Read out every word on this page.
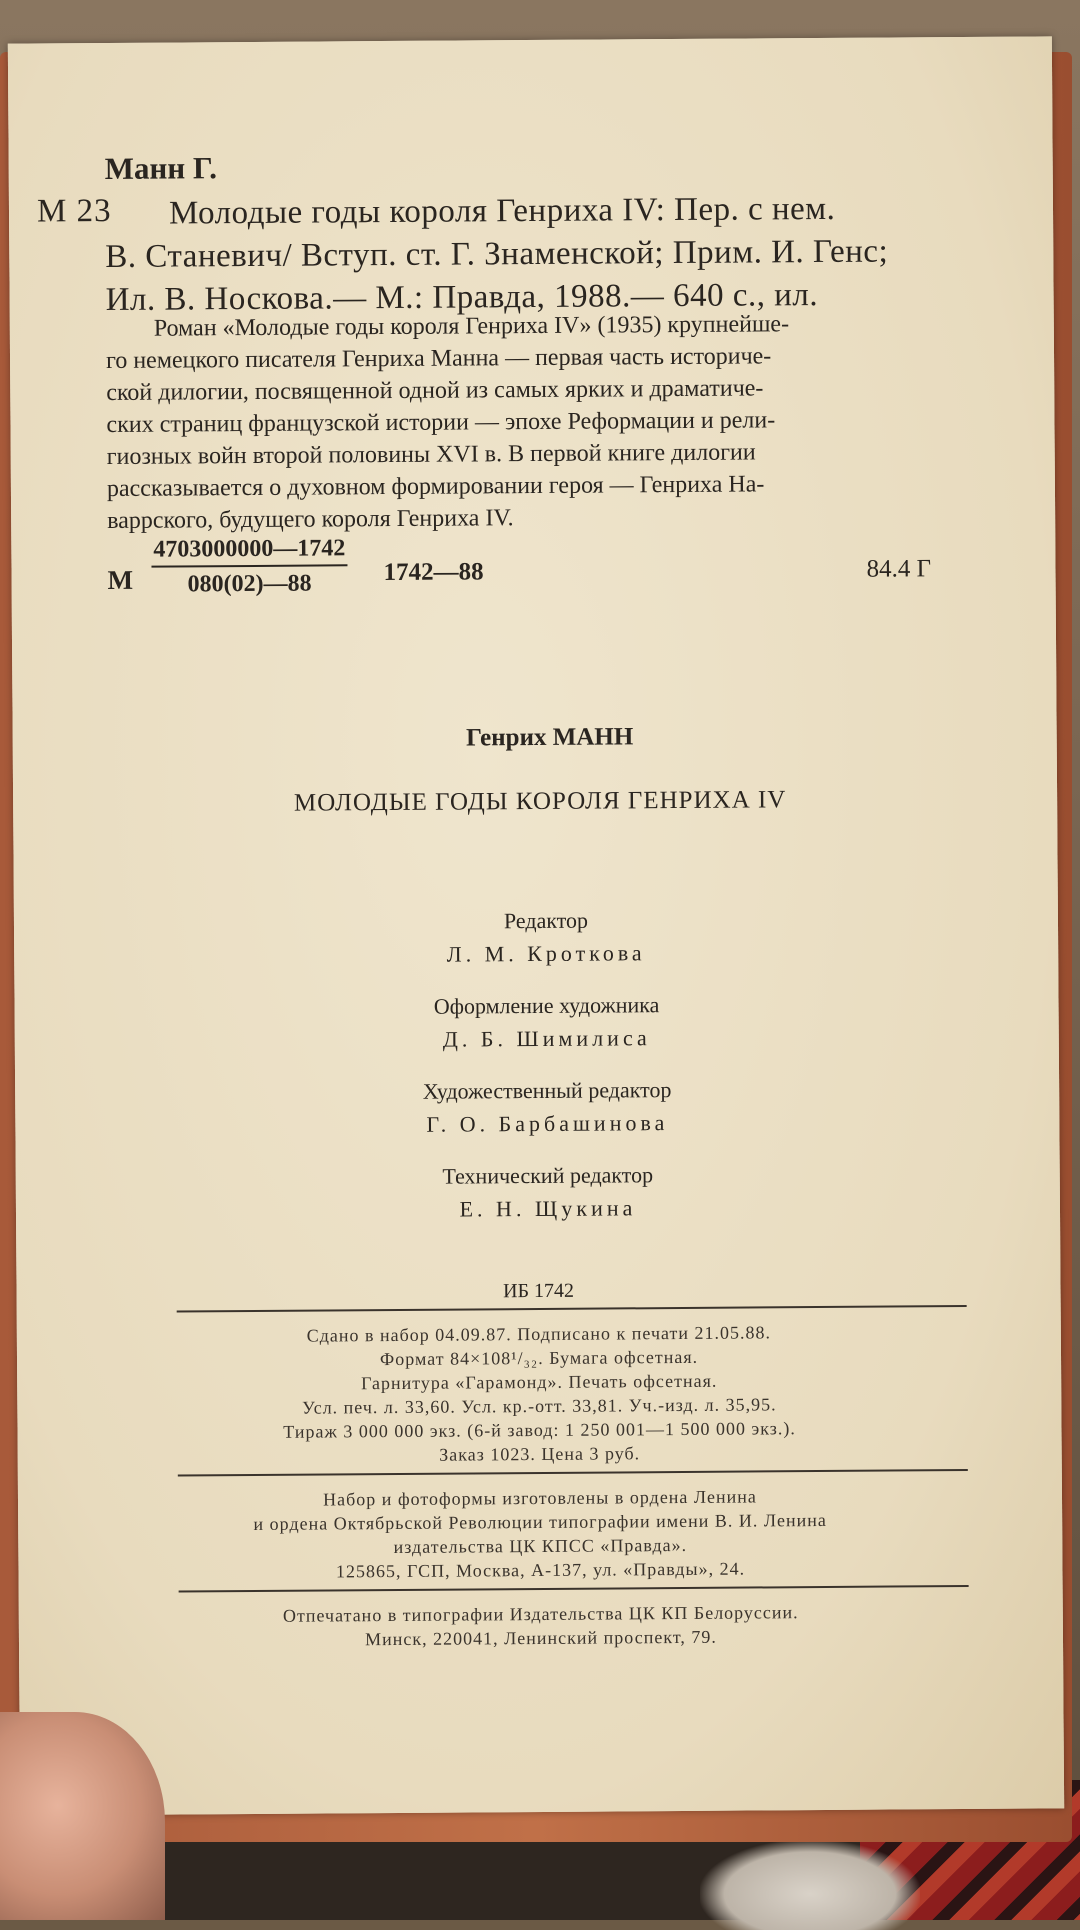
Манн Г.
М 23	Молодые годы короля Генриха IV: Пер. с нем.
В. Станевич/ Вступ. ст. Г. Знаменской; Прим. И. Генс;
Ил. В. Носкова.— М.: Правда, 1988.— 640 с., ил.
Роман «Молодые годы короля Генриха IV» (1935) крупнейше-
го немецкого писателя Генриха Манна — первая часть историче-
ской дилогии, посвященной одной из самых ярких и драматиче-
ских страниц французской истории — эпохе Реформации и рели-
гиозных войн второй половины XVI в. В первой книге дилогии
рассказывается о духовном формировании героя — Генриха На-
варрского, будущего короля Генриха IV.
М
4703000000—1742
080(02)—88	1742—88	84.4 Г
Генрих МАНН
МОЛОДЫЕ ГОДЫ КОРОЛЯ ГЕНРИХА IV
Редактор
Л. М. Кроткова
Оформление художника
Д. Б. Шимилиса
Художественный редактор
Г. О. Барбашинова
Технический редактор
Е. Н. Щукина
ИБ 1742
Сдано в набор 04.09.87. Подписано к печати 21.05.88.
Формат 84×108¹/₃₂. Бумага офсетная.
Гарнитура «Гарамонд». Печать офсетная.
Усл. печ. л. 33,60. Усл. кр.-отт. 33,81. Уч.-изд. л. 35,95.
Тираж 3 000 000 экз. (6-й завод: 1 250 001—1 500 000 экз.).
Заказ 1023. Цена 3 руб.
Набор и фотоформы изготовлены в ордена Ленина
и ордена Октябрьской Революции типографии имени В. И. Ленина
издательства ЦК КПСС «Правда».
125865, ГСП, Москва, А-137, ул. «Правды», 24.
Отпечатано в типографии Издательства ЦК КП Белоруссии.
Минск, 220041, Ленинский проспект, 79.
